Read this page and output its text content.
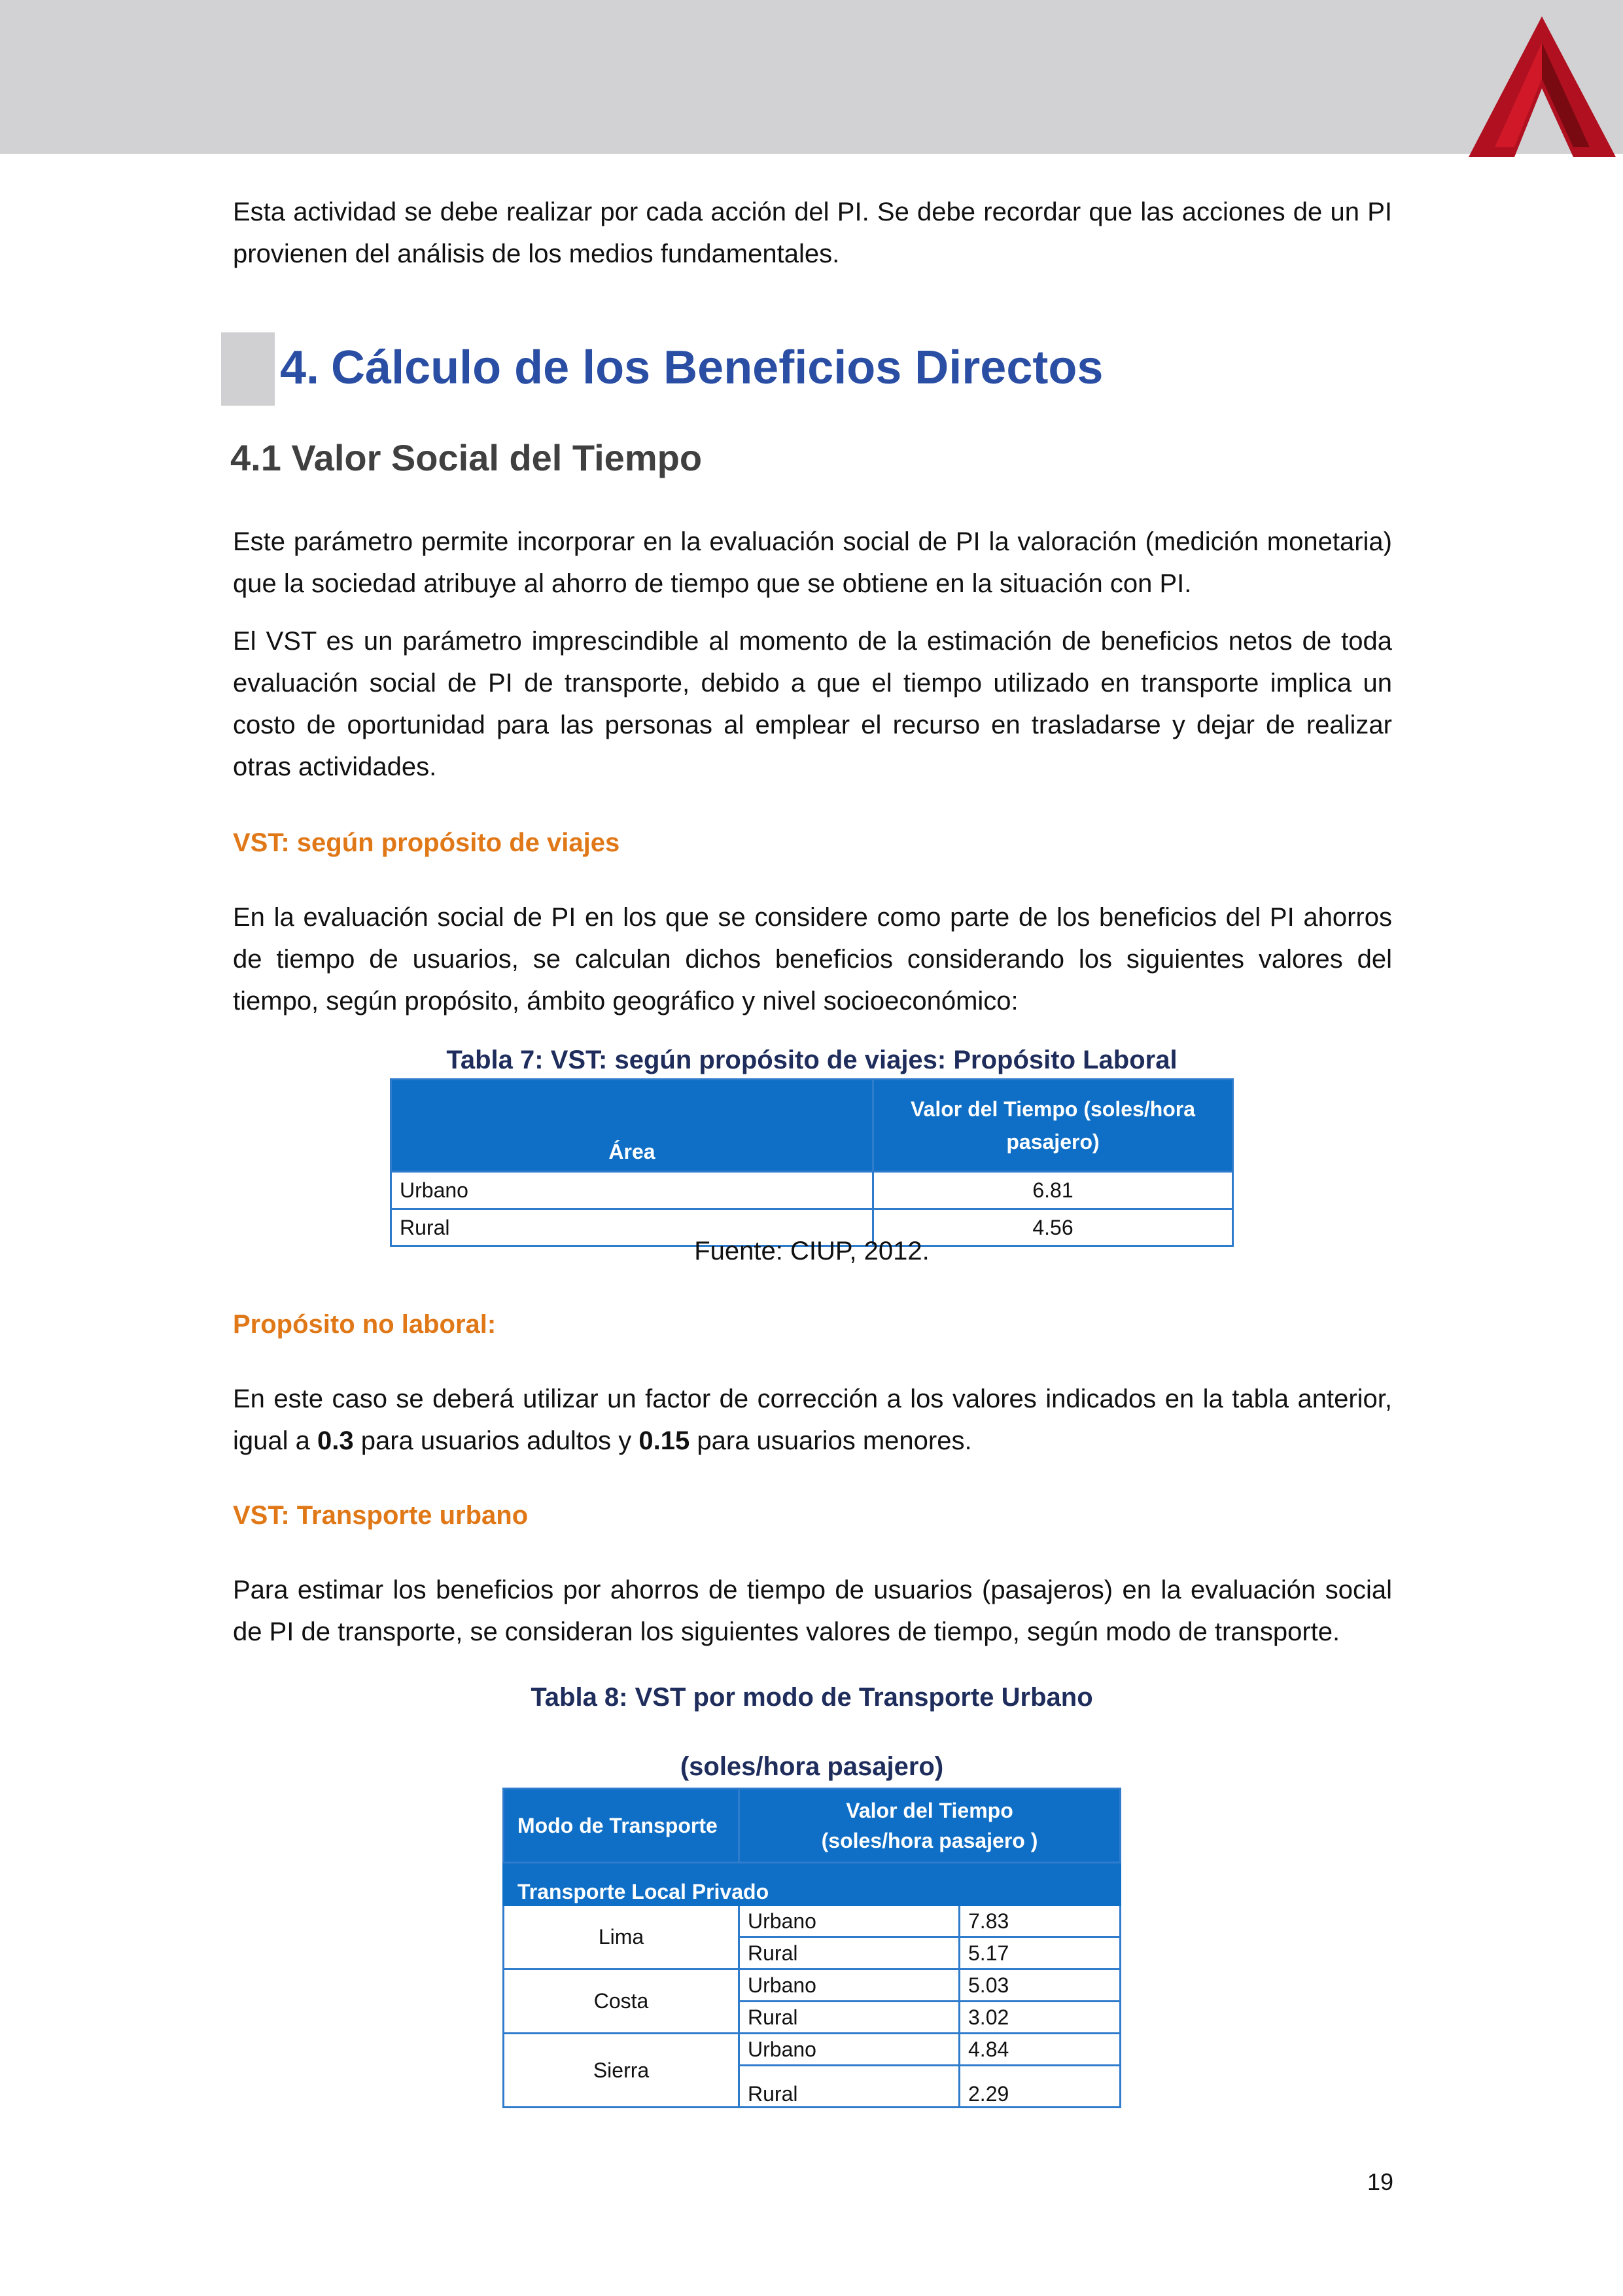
Esta actividad se debe realizar por cada acción del PI. Se debe recordar que las acciones de un PI provienen del análisis de los medios fundamentales.

4. Cálculo de los Beneficios Directos
4.1 Valor Social del Tiempo

Este parámetro permite incorporar en la evaluación social de PI la valoración (medición monetaria) que la sociedad atribuye al ahorro de tiempo que se obtiene en la situación con PI.

El VST es un parámetro imprescindible al momento de la estimación de beneficios netos de toda evaluación social de PI de transporte, debido a que el tiempo utilizado en transporte implica un costo de oportunidad para las personas al emplear el recurso en trasladarse y dejar de realizar otras actividades.

VST: según propósito de viajes

En la evaluación social de PI en los que se considere como parte de los beneficios del PI ahorros de tiempo de usuarios, se calculan dichos beneficios considerando los siguientes valores del tiempo, según propósito, ámbito geográfico y nivel socioeconómico:

Tabla 7: VST: según propósito de viajes: Propósito Laboral
Área	Valor del Tiempo (soles/hora pasajero)
Urbano	6.81
Rural	4.56
Fuente: CIUP, 2012.
Propósito no laboral:

En este caso se deberá utilizar un factor de corrección a los valores indicados en la tabla anterior, igual a 0.3 para usuarios adultos y 0.15 para usuarios menores.

VST: Transporte urbano

Para estimar los beneficios por ahorros de tiempo de usuarios (pasajeros) en la evaluación social de PI de transporte, se consideran los siguientes valores de tiempo, según modo de transporte.

Tabla 8: VST por modo de Transporte Urbano
(soles/hora pasajero)
Modo de Transporte	Valor del Tiempo
(soles/hora pasajero )	
Transporte Local Privado		
Lima	Urbano	7.83
	Rural	5.17
Costa	Urbano	5.03
	Rural	3.02
Sierra	Urbano	4.84
	Rural	2.29
19
